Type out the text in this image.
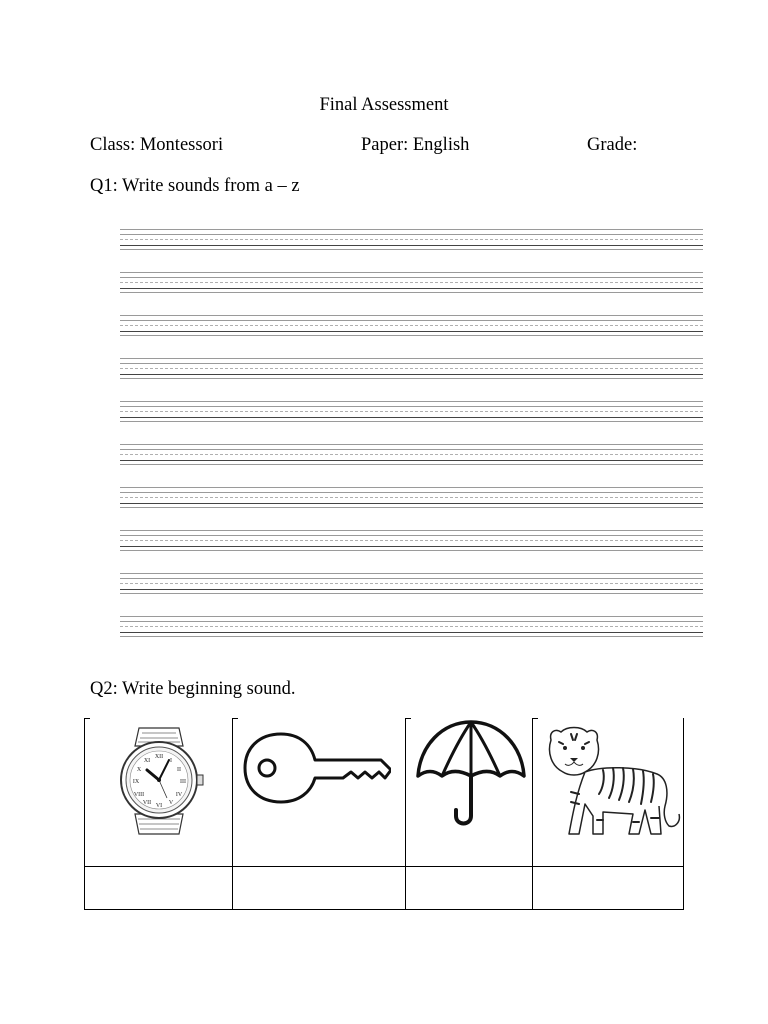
Final Assessment
Class: Montessori	Paper: English	Grade:
Q1: Write sounds from a – z
Q2: Write beginning sound.
XII
III
VI
IX
I
II
IV
V
VII
VIII
X
XI
